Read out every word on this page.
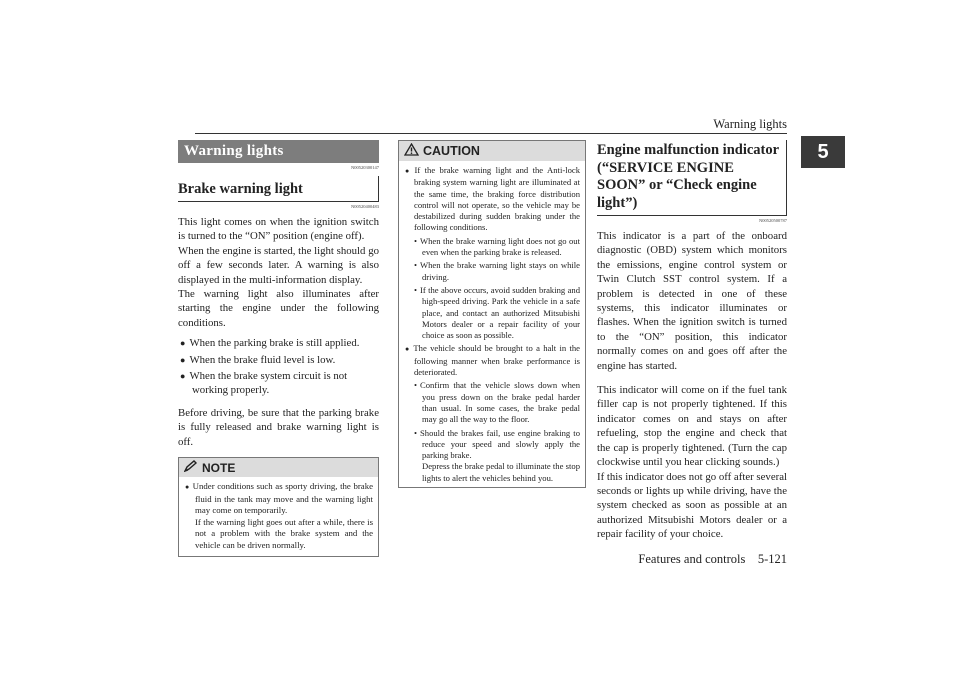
Warning lights
5
Warning lights
N00520300147
Brake warning light
N00520400483

This light comes on when the ignition switch is turned to the “ON” position (engine off).

When the engine is started, the light should go off a few seconds later. A warning is also displayed in the multi-information display.

The warning light also illuminates after starting the engine under the following conditions.

● When the parking brake is still applied.
● When the brake fluid level is low.
● When the brake system circuit is not working properly.

Before driving, be sure that the parking brake is fully released and brake warning light is off.

NOTE
● Under conditions such as sporty driving, the brake fluid in the tank may move and the warning light may come on temporarily.
If the warning light goes out after a while, there is not a problem with the brake system and the vehicle can be driven normally.
CAUTION
● If the brake warning light and the Anti-lock braking system warning light are illuminated at the same time, the braking force distribution control will not operate, so the vehicle may be destabilized during sudden braking under the following conditions.
• When the brake warning light does not go out even when the parking brake is released.
• When the brake warning light stays on while driving.
• If the above occurs, avoid sudden braking and high-speed driving. Park the vehicle in a safe place, and contact an authorized Mitsubishi Motors dealer or a repair facility of your choice as soon as possible.
● The vehicle should be brought to a halt in the following manner when brake performance is deteriorated.
• Confirm that the vehicle slows down when you press down on the brake pedal harder than usual. In some cases, the brake pedal may go all the way to the floor.
• Should the brakes fail, use engine braking to reduce your speed and slowly apply the parking brake.
Depress the brake pedal to illuminate the stop lights to alert the vehicles behind you.
Engine malfunction indicator (“SERVICE ENGINE SOON” or “Check engine light”)
N00520500787

This indicator is a part of the onboard diagnostic (OBD) system which monitors the emissions, engine control system or Twin Clutch SST control system. If a problem is detected in one of these systems, this indicator illuminates or flashes. When the ignition switch is turned to the “ON” position, this indicator normally comes on and goes off after the engine has started.

This indicator will come on if the fuel tank filler cap is not properly tightened. If this indicator comes on and stays on after refueling, stop the engine and check that the cap is properly tightened. (Turn the cap clockwise until you hear clicking sounds.)

If this indicator does not go off after several seconds or lights up while driving, have the system checked as soon as possible at an authorized Mitsubishi Motors dealer or a repair facility of your choice.

Features and controls    5-121
